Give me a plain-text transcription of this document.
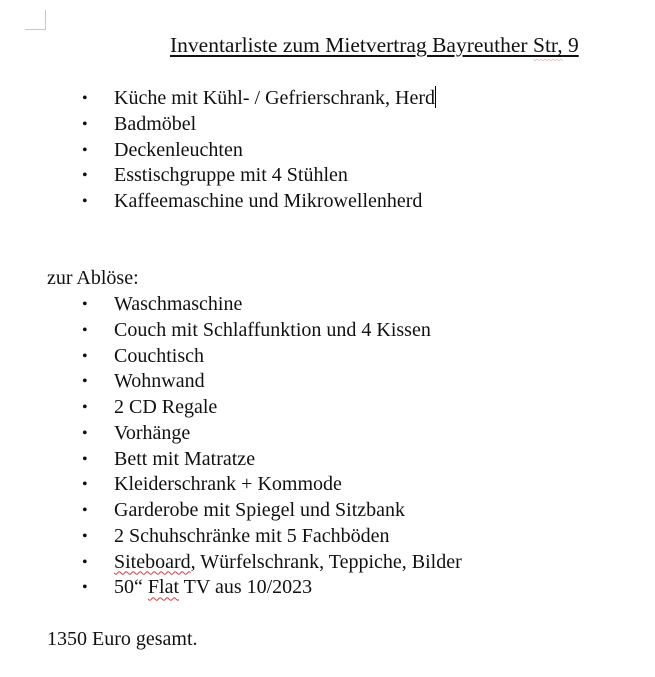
Inventarliste zum Mietvertrag Bayreuther Str, 9
• Küche mit Kühl- / Gefrierschrank, Herd
• Badmöbel
• Deckenleuchten
• Esstischgruppe mit 4 Stühlen
• Kaffeemaschine und Mikrowellenherd
zur Ablöse:
• Waschmaschine
• Couch mit Schlaffunktion und 4 Kissen
• Couchtisch
• Wohnwand
• 2 CD Regale
• Vorhänge
• Bett mit Matratze
• Kleiderschrank + Kommode
• Garderobe mit Spiegel und Sitzbank
• 2 Schuhschränke mit 5 Fachböden
• Siteboard, Würfelschrank, Teppiche, Bilder
• 50“ Flat TV aus 10/2023
1350 Euro gesamt.
